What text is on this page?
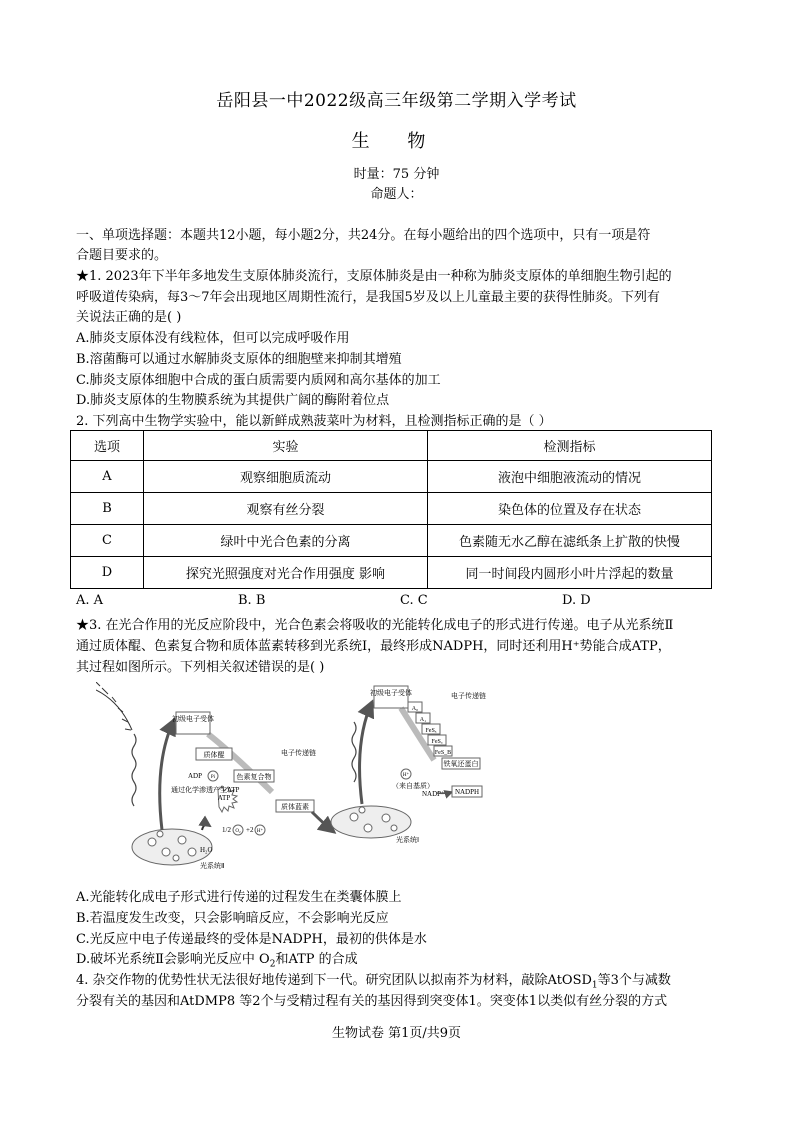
岳阳县一中2022级高三年级第二学期入学考试
生 物
时量：75 分钟
命题人：
一、单项选择题：本题共12小题，每小题2分，共24分。在每小题给出的四个选项中，只有一项是符
合题目要求的。
★1. 2023年下半年多地发生支原体肺炎流行，支原体肺炎是由一种称为肺炎支原体的单细胞生物引起的
呼吸道传染病，每3～7年会出现地区周期性流行，是我国5岁及以上儿童最主要的获得性肺炎。下列有
关说法正确的是( )
A.肺炎支原体没有线粒体，但可以完成呼吸作用
B.溶菌酶可以通过水解肺炎支原体的细胞壁来抑制其增殖
C.肺炎支原体细胞中合成的蛋白质需要内质网和高尔基体的加工
D.肺炎支原体的生物膜系统为其提供广阔的酶附着位点
2. 下列高中生物学实验中，能以新鲜成熟菠菜叶为材料，且检测指标正确的是（ ）
选项	实验	检测指标
A	观察细胞质流动	液泡中细胞液流动的情况
B	观察有丝分裂	染色体的位置及存在状态
C	绿叶中光合色素的分离	色素随无水乙醇在滤纸条上扩散的快慢
D	探究光照强度对光合作用强度 影响	同一时间段内圆形小叶片浮起的数量
A. A	B. B	C. C	D. D
★3. 在光合作用的光反应阶段中，光合色素会将吸收的光能转化成电子的形式进行传递。电子从光系统Ⅱ
通过质体醌、色素复合物和质体蓝素转移到光系统Ⅰ，最终形成NADPH，同时还利用H⁺势能合成ATP，
其过程如图所示。下列相关叙述错误的是( )
初级电子受体
质体醌	电子传递链
色素复合物
ADP Pi
ATP
通过化学渗透产生ATP
质体蓝素
1/2 O₂ +2 H⁺
H₂O
光系统Ⅱ
光系统Ⅰ
初级电子受体
A₀
A₁
FeSₓ
FeSₐ
FeS_B
电子传递链
铁氧还蛋白
H⁺
（来自基质）
NADP⁺ NADPH
A.光能转化成电子形式进行传递的过程发生在类囊体膜上
B.若温度发生改变，只会影响暗反应，不会影响光反应
C.光反应中电子传递最终的受体是NADPH，最初的供体是水
D.破坏光系统Ⅱ会影响光反应中 $O_2$和ATP 的合成
4. 杂交作物的优势性状无法很好地传递到下一代。研究团队以拟南芥为材料，敲除AtOSD$_1$等3个与减数
分裂有关的基因和AtDMP8 等2个与受精过程有关的基因得到突变体1。突变体1以类似有丝分裂的方式
生物试卷 第1页/共9页
